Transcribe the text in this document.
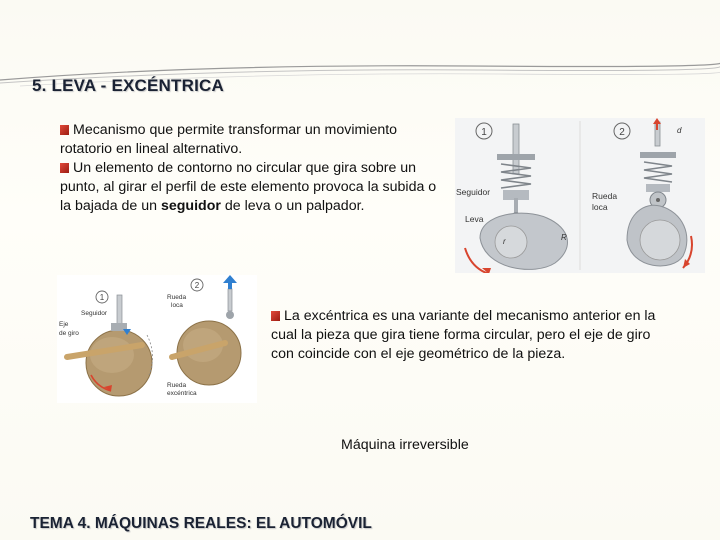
5. LEVA - EXCÉNTRICA
Mecanismo que permite transformar un movimiento rotatorio en lineal alternativo.
Un elemento de contorno no circular que gira sobre un punto, al girar el perfil de este elemento provoca la subida o la bajada de un seguidor de leva o un palpador.
1	2
r	R
Seguidor
Leva
d
Rueda
loca
1
2
Seguidor
Eje
de giro
Rueda
loca
Rueda
excéntrica
La excéntrica es una variante del mecanismo anterior en la cual la pieza que gira tiene forma circular, pero el eje de giro con coincide con el eje geométrico de la pieza.
Máquina irreversible
TEMA 4. MÁQUINAS REALES: EL AUTOMÓVIL
